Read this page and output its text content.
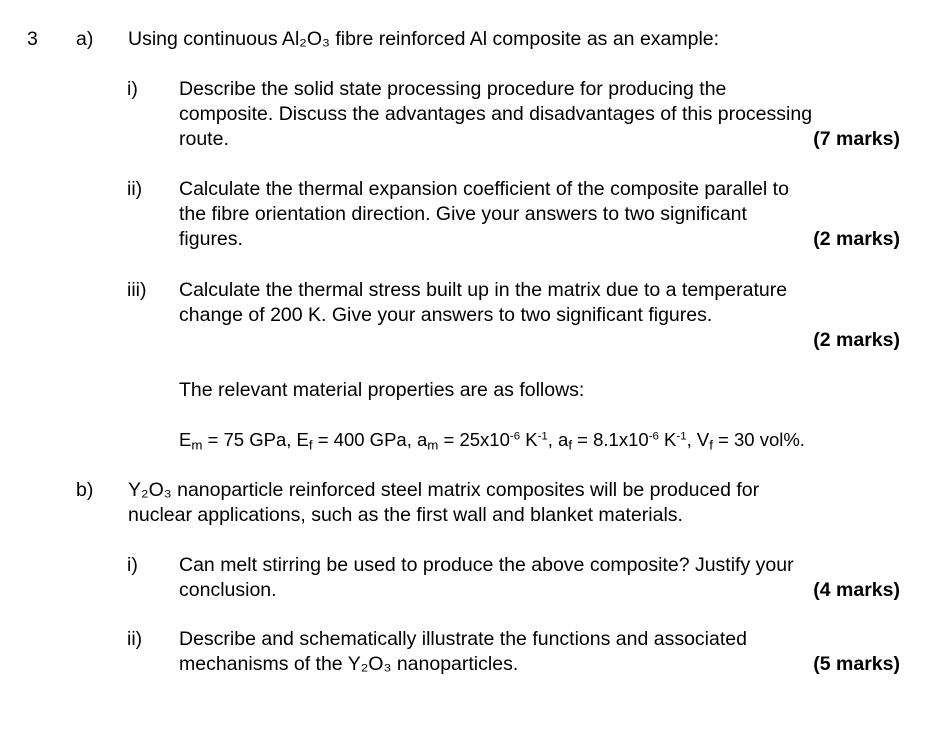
3 a) Using continuous Al₂O₃ fibre reinforced Al composite as an example:
i) Describe the solid state processing procedure for producing the
composite. Discuss the advantages and disadvantages of this processing
route.	(7 marks)
ii) Calculate the thermal expansion coefficient of the composite parallel to
the fibre orientation direction. Give your answers to two significant
figures.	(2 marks)
iii) Calculate the thermal stress built up in the matrix due to a temperature
change of 200 K. Give your answers to two significant figures.
(2 marks)
The relevant material properties are as follows:
$E_m = 75$ GPa, $E_f = 400$ GPa, $a_m = 25x10^{-6}$ $K^{-1}$, $a_f = 8.1x10^{-6}$ $K^{-1}$, $V_f = 30$ vol%.
b) Y₂O₃ nanoparticle reinforced steel matrix composites will be produced for
nuclear applications, such as the first wall and blanket materials.
i) Can melt stirring be used to produce the above composite? Justify your
conclusion.	(4 marks)
ii) Describe and schematically illustrate the functions and associated
mechanisms of the Y₂O₃ nanoparticles.	(5 marks)
